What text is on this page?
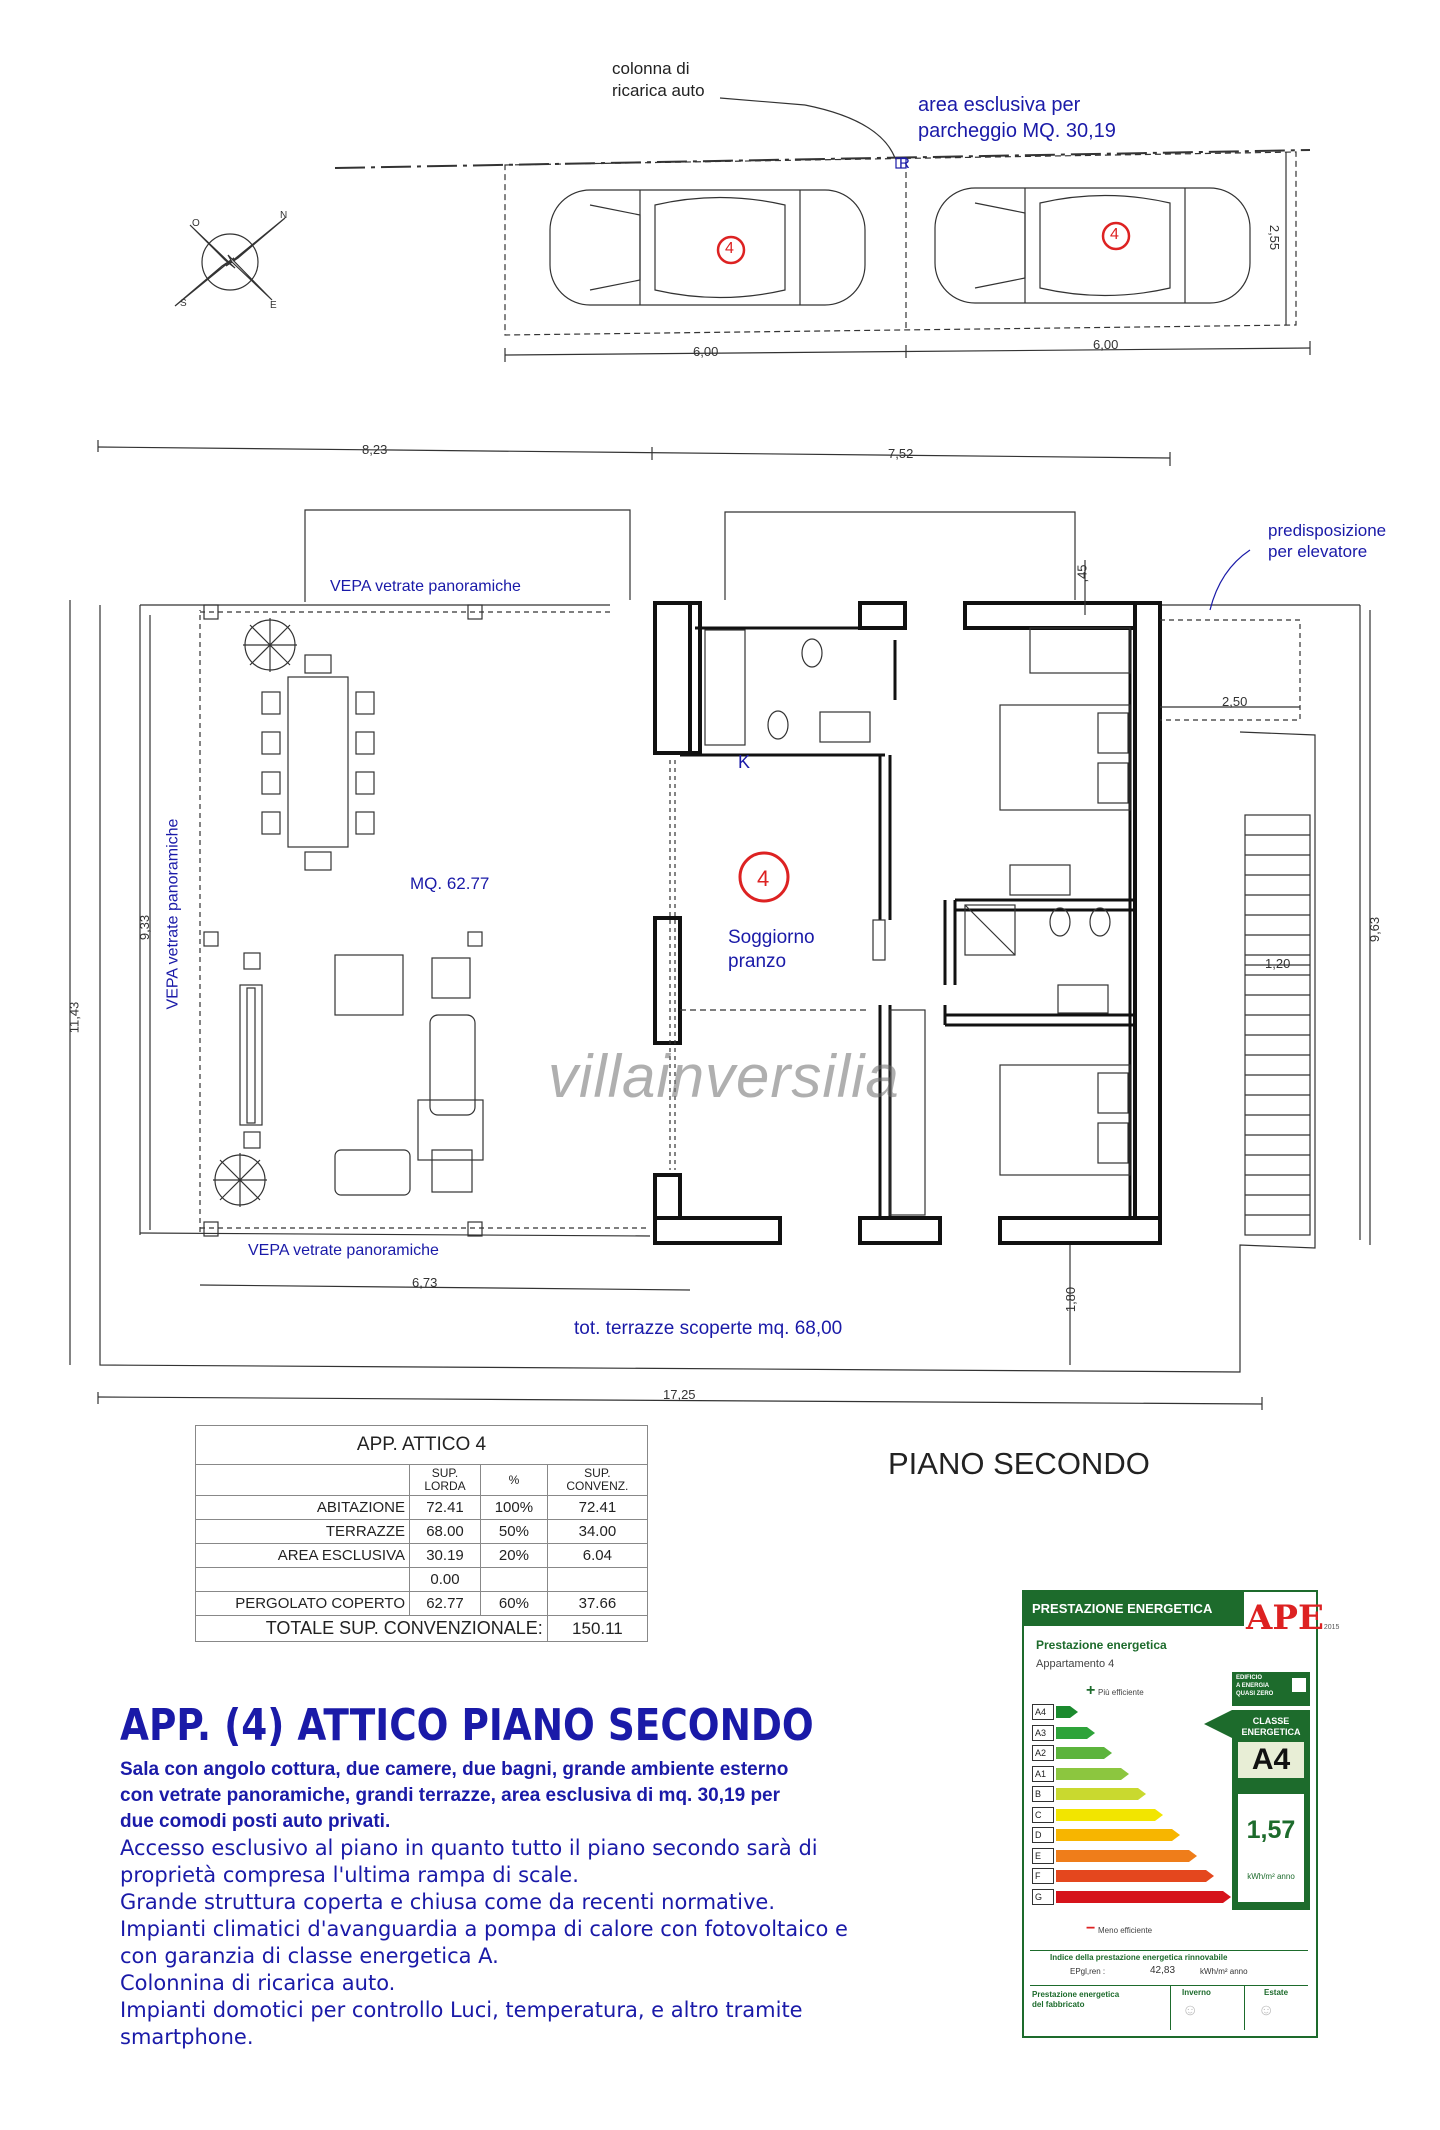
colonna di
ricarica auto
area esclusiva per
parcheggio MQ. 30,19
R
4
4
6,00	6,00
2,55
N
O
S	E
8,23	7,52
,45
2,50
1,20
11,43
9,33	9,63
6,73
1,80
17,25
VEPA vetrate panoramiche
VEPA vetrate panoramiche
VEPA vetrate panoramiche	MQ. 62.77
K
4
Soggiorno
pranzo
predisposizione
per elevatore
tot. terrazze scoperte mq. 68,00
villainversilia
PIANO SECONDO
APP. ATTICO 4			
	SUP.
LORDA	%	SUP.
CONVENZ.
ABITAZIONE	72.41	100%	72.41
TERRAZZE	68.00	50%	34.00
AREA ESCLUSIVA	30.19	20%	6.04
	0.00		
PERGOLATO COPERTO	62.77	60%	37.66
TOTALE SUP. CONVENZIONALE:			150.11
APP. (4) ATTICO PIANO SECONDO
Sala con angolo cottura, due camere, due bagni, grande ambiente esterno
con vetrate panoramiche, grandi terrazze, area esclusiva di mq. 30,19 per
due comodi posti auto privati.
Accesso esclusivo al piano in quanto tutto il piano secondo sarà di
proprietà compresa l'ultima rampa di scale.
Grande struttura coperta e chiusa come da recenti normative.
Impianti climatici d'avanguardia a pompa di calore con fotovoltaico e
con garanzia di classe energetica A.
Colonnina di ricarica auto.
Impianti domotici per controllo Luci, temperatura, e altro tramite
smartphone.
PRESTAZIONE ENERGETICA APE2015
Prestazione energetica
Appartamento 4
Più efficiente
+
− Meno efficiente
A4
A3
A2
A1
B
C
D
E
F
G
EDIFICIO
A ENERGIA
QUASI ZERO
CLASSE
ENERGETICA
A4
1,57
kWh/m² anno
Indice della prestazione energetica rinnovabile
EPgl,ren :	42,83	kWh/m² anno
Prestazione energetica
del fabbricato
Inverno
☺
Estate
☺
